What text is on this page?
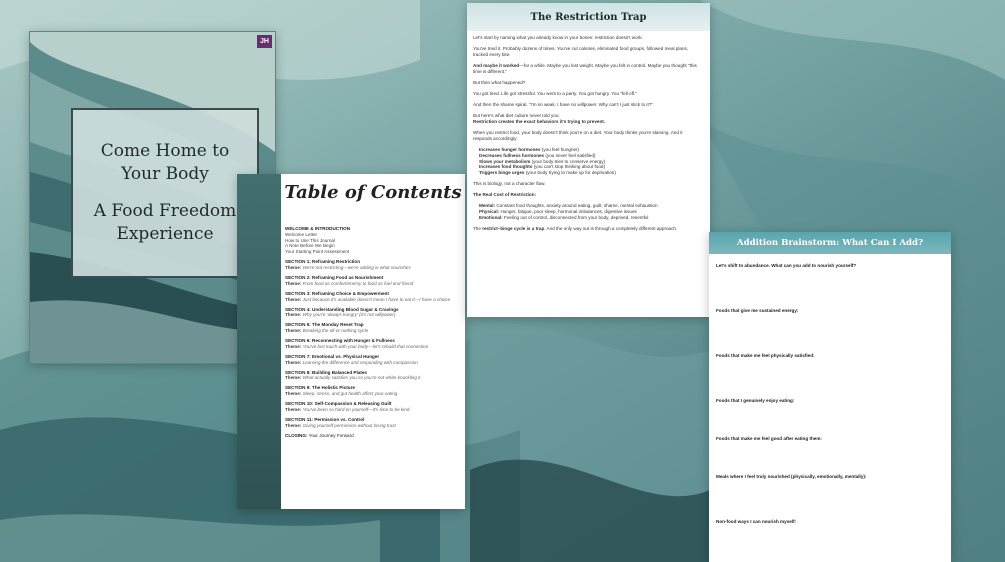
JH
Come Home to Your Body
A Food Freedom Experience
Table of Contents
WELCOME & INTRODUCTION
Welcome Letter
How to Use This Journal
A Note Before We Begin
Your Starting Point Assessment
SECTION 1: Reframing Restriction
Theme: We're not restricting—we're adding in what nourishes
SECTION 2: Reframing Food as Nourishment
Theme: From food as comfort/enemy to food as fuel and friend
SECTION 3: Reframing Choice & Empowerment
Theme: Just because it's available doesn't mean I have to eat it—I have a choice
SECTION 4: Understanding Blood Sugar & Cravings
Theme: Why you're 'always hungry' (it's not willpower)
SECTION 5: The Monday Reset Trap
Theme: Breaking the all-or-nothing cycle
SECTION 6: Reconnecting with Hunger & Fullness
Theme: You've lost touch with your body—let's rebuild that connection
SECTION 7: Emotional vs. Physical Hunger
Theme: Learning the difference and responding with compassion
SECTION 8: Building Balanced Plates
Theme: What actually satisfies you so you're not white-knuckling it
SECTION 9: The Holistic Picture
Theme: Sleep, stress, and gut health affect your eating
SECTION 10: Self-Compassion & Releasing Guilt
Theme: You've been so hard on yourself—it's time to be kind
SECTION 11: Permission vs. Control
Theme: Giving yourself permission without losing trust
CLOSING: Your Journey Forward
The Restriction Trap

Let's start by naming what you already know in your bones: restriction doesn't work.

You've tried it. Probably dozens of times. You've cut calories, eliminated food groups, followed meal plans, tracked every bite.

And maybe it worked—for a while. Maybe you lost weight. Maybe you felt in control. Maybe you thought "this time is different."

But then what happened?

You got tired. Life got stressful. You went to a party. You got hungry. You "fell off."

And then the shame spiral. "I'm so weak. I have no willpower. Why can't I just stick to it?"

But here's what diet culture never told you:
Restriction creates the exact behaviors it's trying to prevent.

When you restrict food, your body doesn't think you're on a diet. Your body thinks you're starving. And it responds accordingly:

Increases hunger hormones (you feel hungrier)
Decreases fullness hormones (you never feel satisfied)
Slows your metabolism (your body tries to conserve energy)
Increases food thoughts (you can't stop thinking about food)
Triggers binge urges (your body trying to make up for deprivation)

This is biology, not a character flaw.

The Real Cost of Restriction:

Mental: Constant food thoughts, anxiety around eating, guilt, shame, mental exhaustion
Physical: Hunger, fatigue, poor sleep, hormonal imbalances, digestive issues
Emotional: Feeling out of control, disconnected from your body, deprived, resentful

The restrict–binge cycle is a trap. And the only way out is through a completely different approach.

Addition Brainstorm: What Can I Add?
Let's shift to abundance. What can you add to nourish yourself?
Foods that give me sustained energy:
Foods that make me feel physically satisfied:
Foods that I genuinely enjoy eating:
Foods that make me feel good after eating them:
Meals where I feel truly nourished (physically, emotionally, mentally):
Non-food ways I can nourish myself:
